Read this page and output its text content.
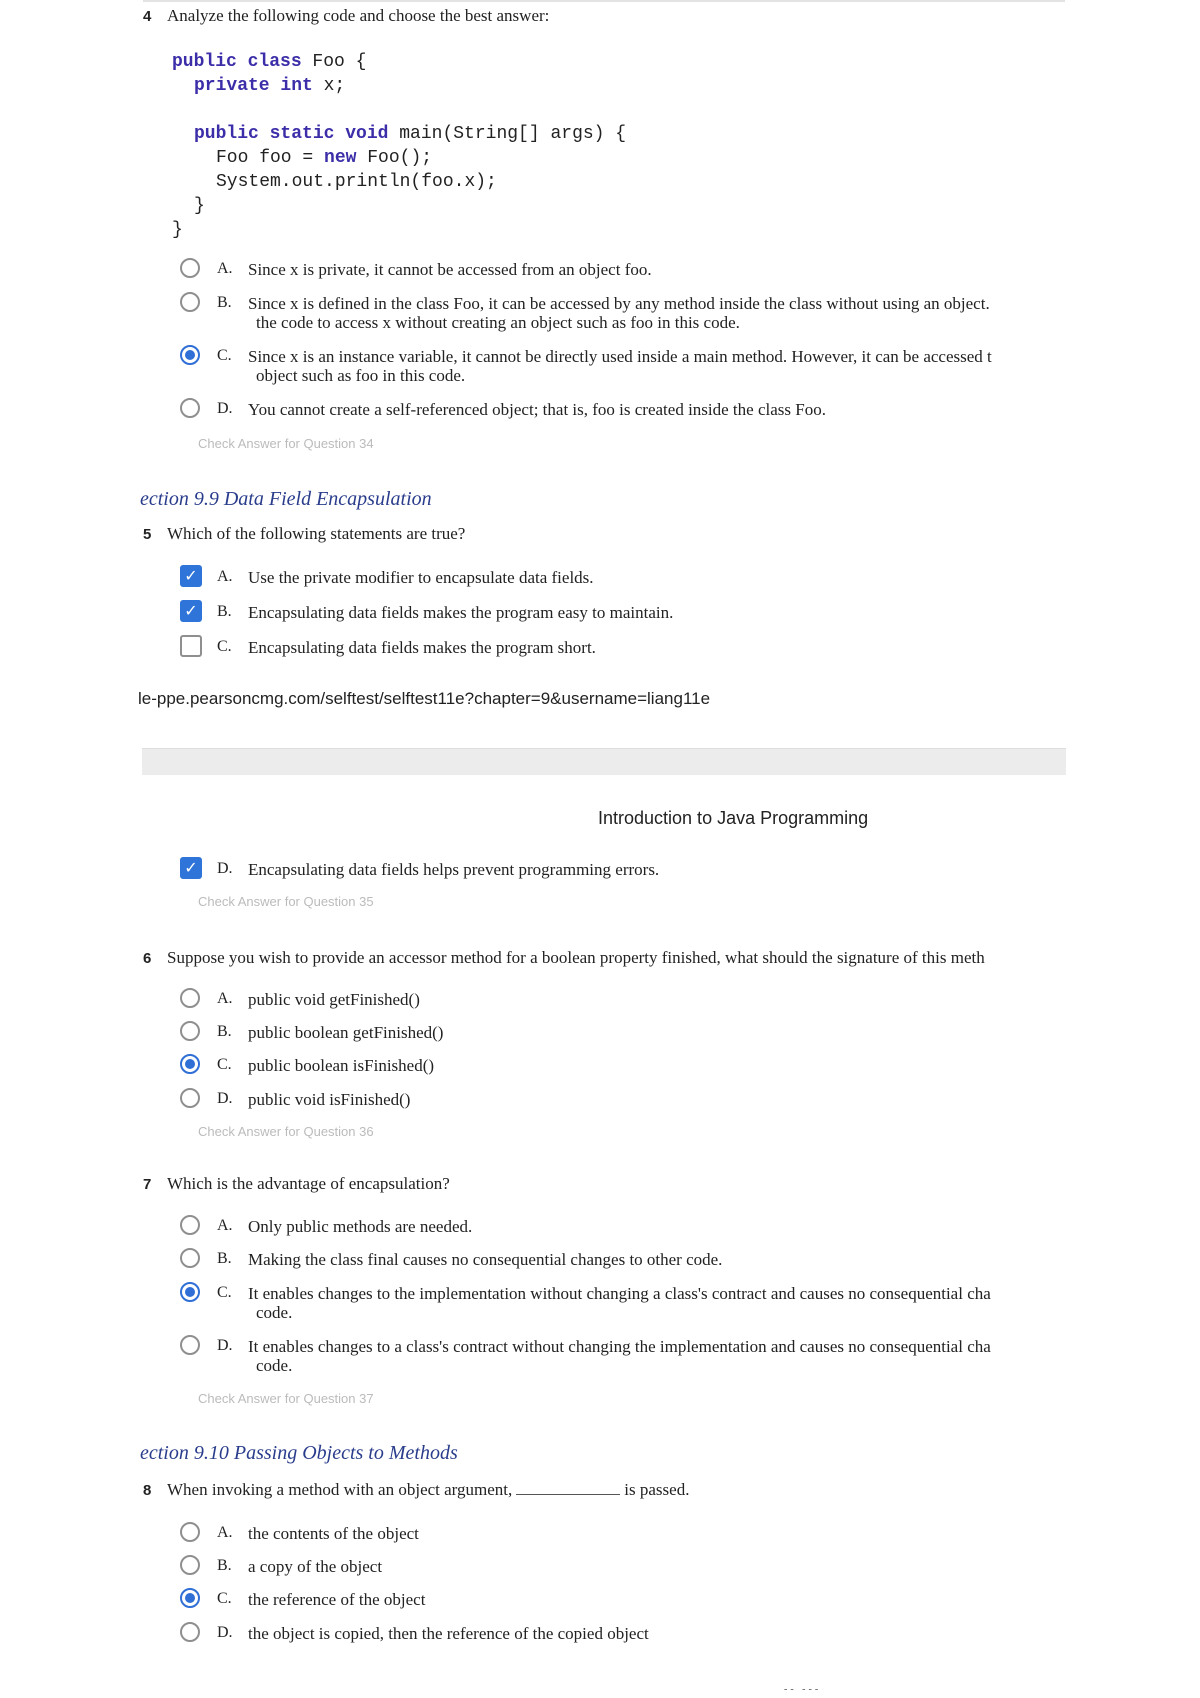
4 Analyze the following code and choose the best answer:
public class Foo {
private int x;
public static void main(String[] args) {
Foo foo = new Foo();
System.out.println(foo.x);
}
}
A. Since x is private, it cannot be accessed from an object foo.
B. Since x is defined in the class Foo, it can be accessed by any method inside the class without using an object.
the code to access x without creating an object such as foo in this code.
C. Since x is an instance variable, it cannot be directly used inside a main method. However, it can be accessed t
object such as foo in this code.
D. You cannot create a self-referenced object; that is, foo is created inside the class Foo.
Check Answer for Question 34
ection 9.9 Data Field Encapsulation
5 Which of the following statements are true?
✓ A. Use the private modifier to encapsulate data fields.
✓ B. Encapsulating data fields makes the program easy to maintain.
C. Encapsulating data fields makes the program short.
le-ppe.pearsoncmg.com/selftest/selftest11e?chapter=9&username=liang11e
Introduction to Java Programming
✓ D. Encapsulating data fields helps prevent programming errors.
Check Answer for Question 35
6 Suppose you wish to provide an accessor method for a boolean property finished, what should the signature of this meth
A. public void getFinished()
B. public boolean getFinished()
C. public boolean isFinished()
D. public void isFinished()
Check Answer for Question 36
7 Which is the advantage of encapsulation?
A. Only public methods are needed.
B. Making the class final causes no consequential changes to other code.
C. It enables changes to the implementation without changing a class's contract and causes no consequential cha
code.
D. It enables changes to a class's contract without changing the implementation and causes no consequential cha
code.
Check Answer for Question 37
ection 9.10 Passing Objects to Methods
8 When invoking a method with an object argument,	is passed.
A. the contents of the object
B. a copy of the object
C. the reference of the object
D. the object is copied, then the reference of the copied object
-- ---
